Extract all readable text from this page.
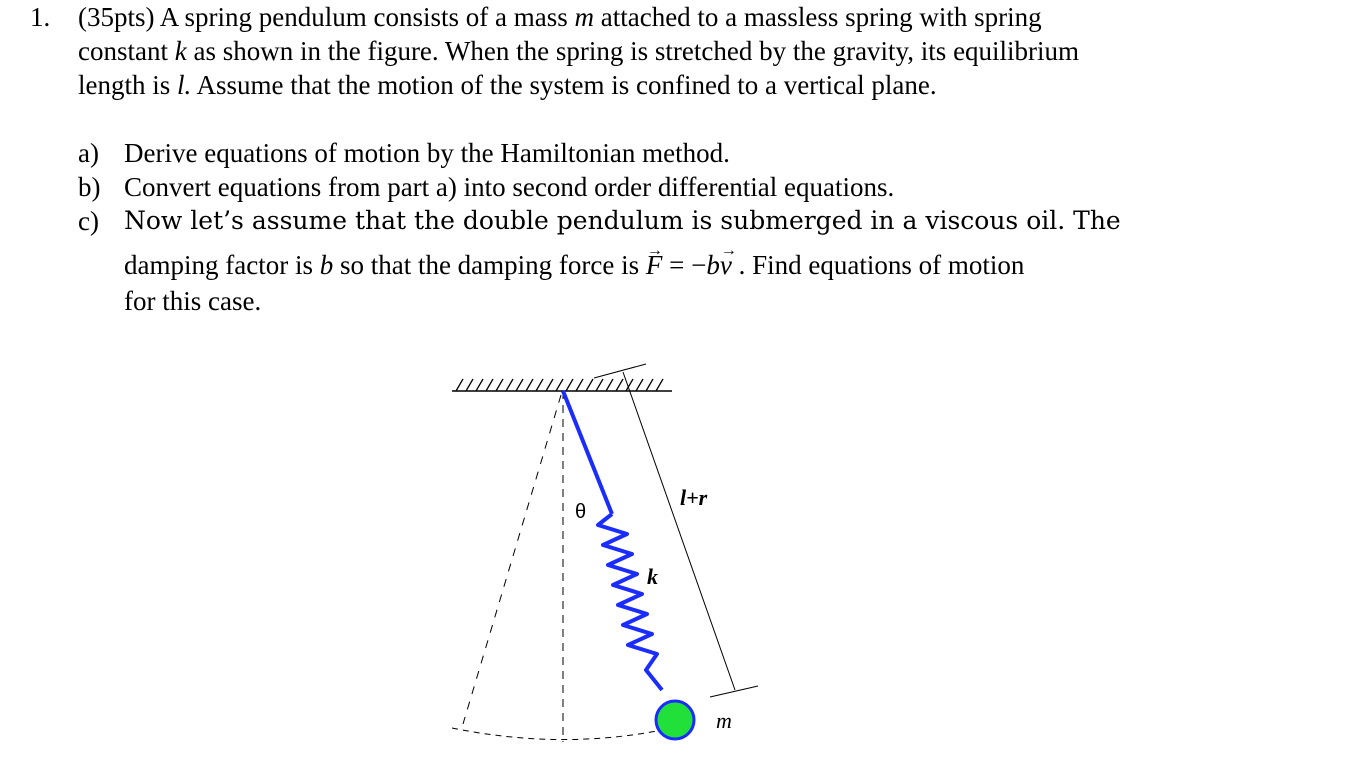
1. (35pts) A spring pendulum consists of a mass m attached to a massless spring with spring
constant k as shown in the figure. When the spring is stretched by the gravity, its equilibrium
length is l. Assume that the motion of the system is confined to a vertical plane.
a) Derive equations of motion by the Hamiltonian method.
b) Convert equations from part a) into second order differential equations.
c) Now let’s assume that the double pendulum is submerged in a viscous oil. The
damping factor is b so that the damping force is → F = −b→ v . Find equations of motion
for this case.
θ
k
l+r
m
